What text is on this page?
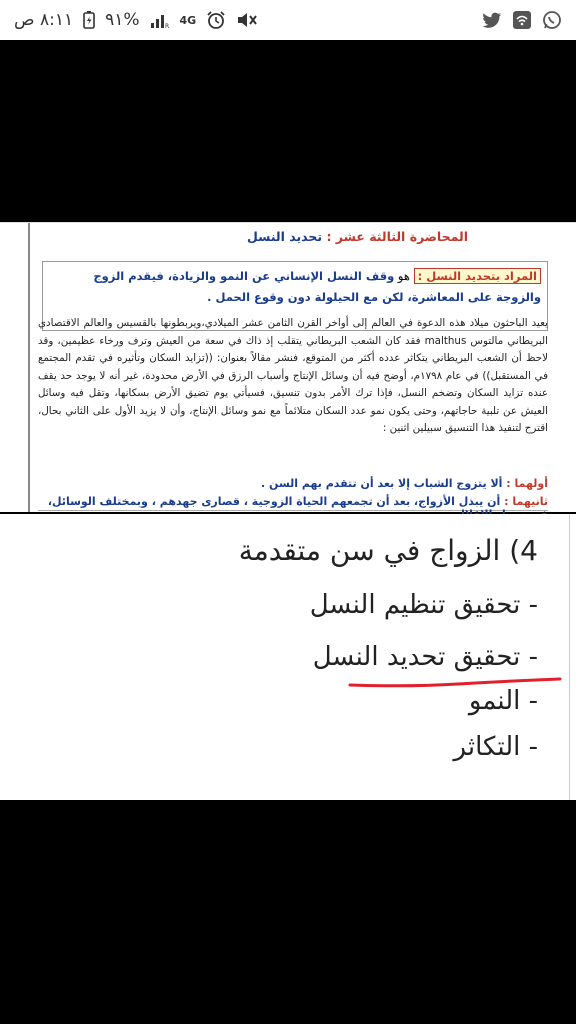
٨:١١ ص %٩١	R 4G
المحاضرة الثالثة عشر : تحديد النسل
المراد بتحديد النسل : هو وقف النسل الإنساني عن النمو والزيادة، فيقدم الزوج والزوجة على المعاشرة، لكن مع الحيلولة دون وقوع الحمل .
يعيد الباحثون ميلاد هذه الدعوة في العالم إلى أواخر القرن الثامن عشر الميلادي،ويربطونها بالقسيس والعالم الاقتصادي البريطاني مالتوس malthus فقد كان الشعب البريطاني يتقلب إذ ذاك في سعة من العيش وترف ورخاء عظيمين، وقد لاحظ أن الشعب البريطاني يتكاثر عدده أكثر من المتوقع، فنشر مقالاً بعنوان: ((تزايد السكان وتأثيره في تقدم المجتمع في المستقبل)) في عام ١٧٩٨م، أوضح فيه أن وسائل الإنتاج وأسباب الرزق في الأرض محدودة، غير أنه لا يوجد حد يقف عنده تزايد السكان وتضخم النسل، فإذا ترك الأمر بدون تنسيق، فسيأتي يوم تضيق الأرض بسكانها، وتقل فيه وسائل العيش عن تلبية حاجاتهم، وحتى يكون نمو عدد السكان متلائماً مع نمو وسائل الإنتاج، وأن لا يزيد الأول على الثاني بحال، اقترح لتنفيذ هذا التنسيق سبيلين اثنين :
أولهما : ألا يتزوج الشباب إلا بعد أن تتقدم بهم السن .
ثانيهما : أن يبذل الأزواج، بعد أن تجمعهم الحياة الزوجية ، قصارى جهدهم ، وبمختلف الوسائل،
4) الزواج في سن متقدمة
- تحقيق تنظيم النسل
- تحقيق تحديد النسل
- النمو
- التكاثر
